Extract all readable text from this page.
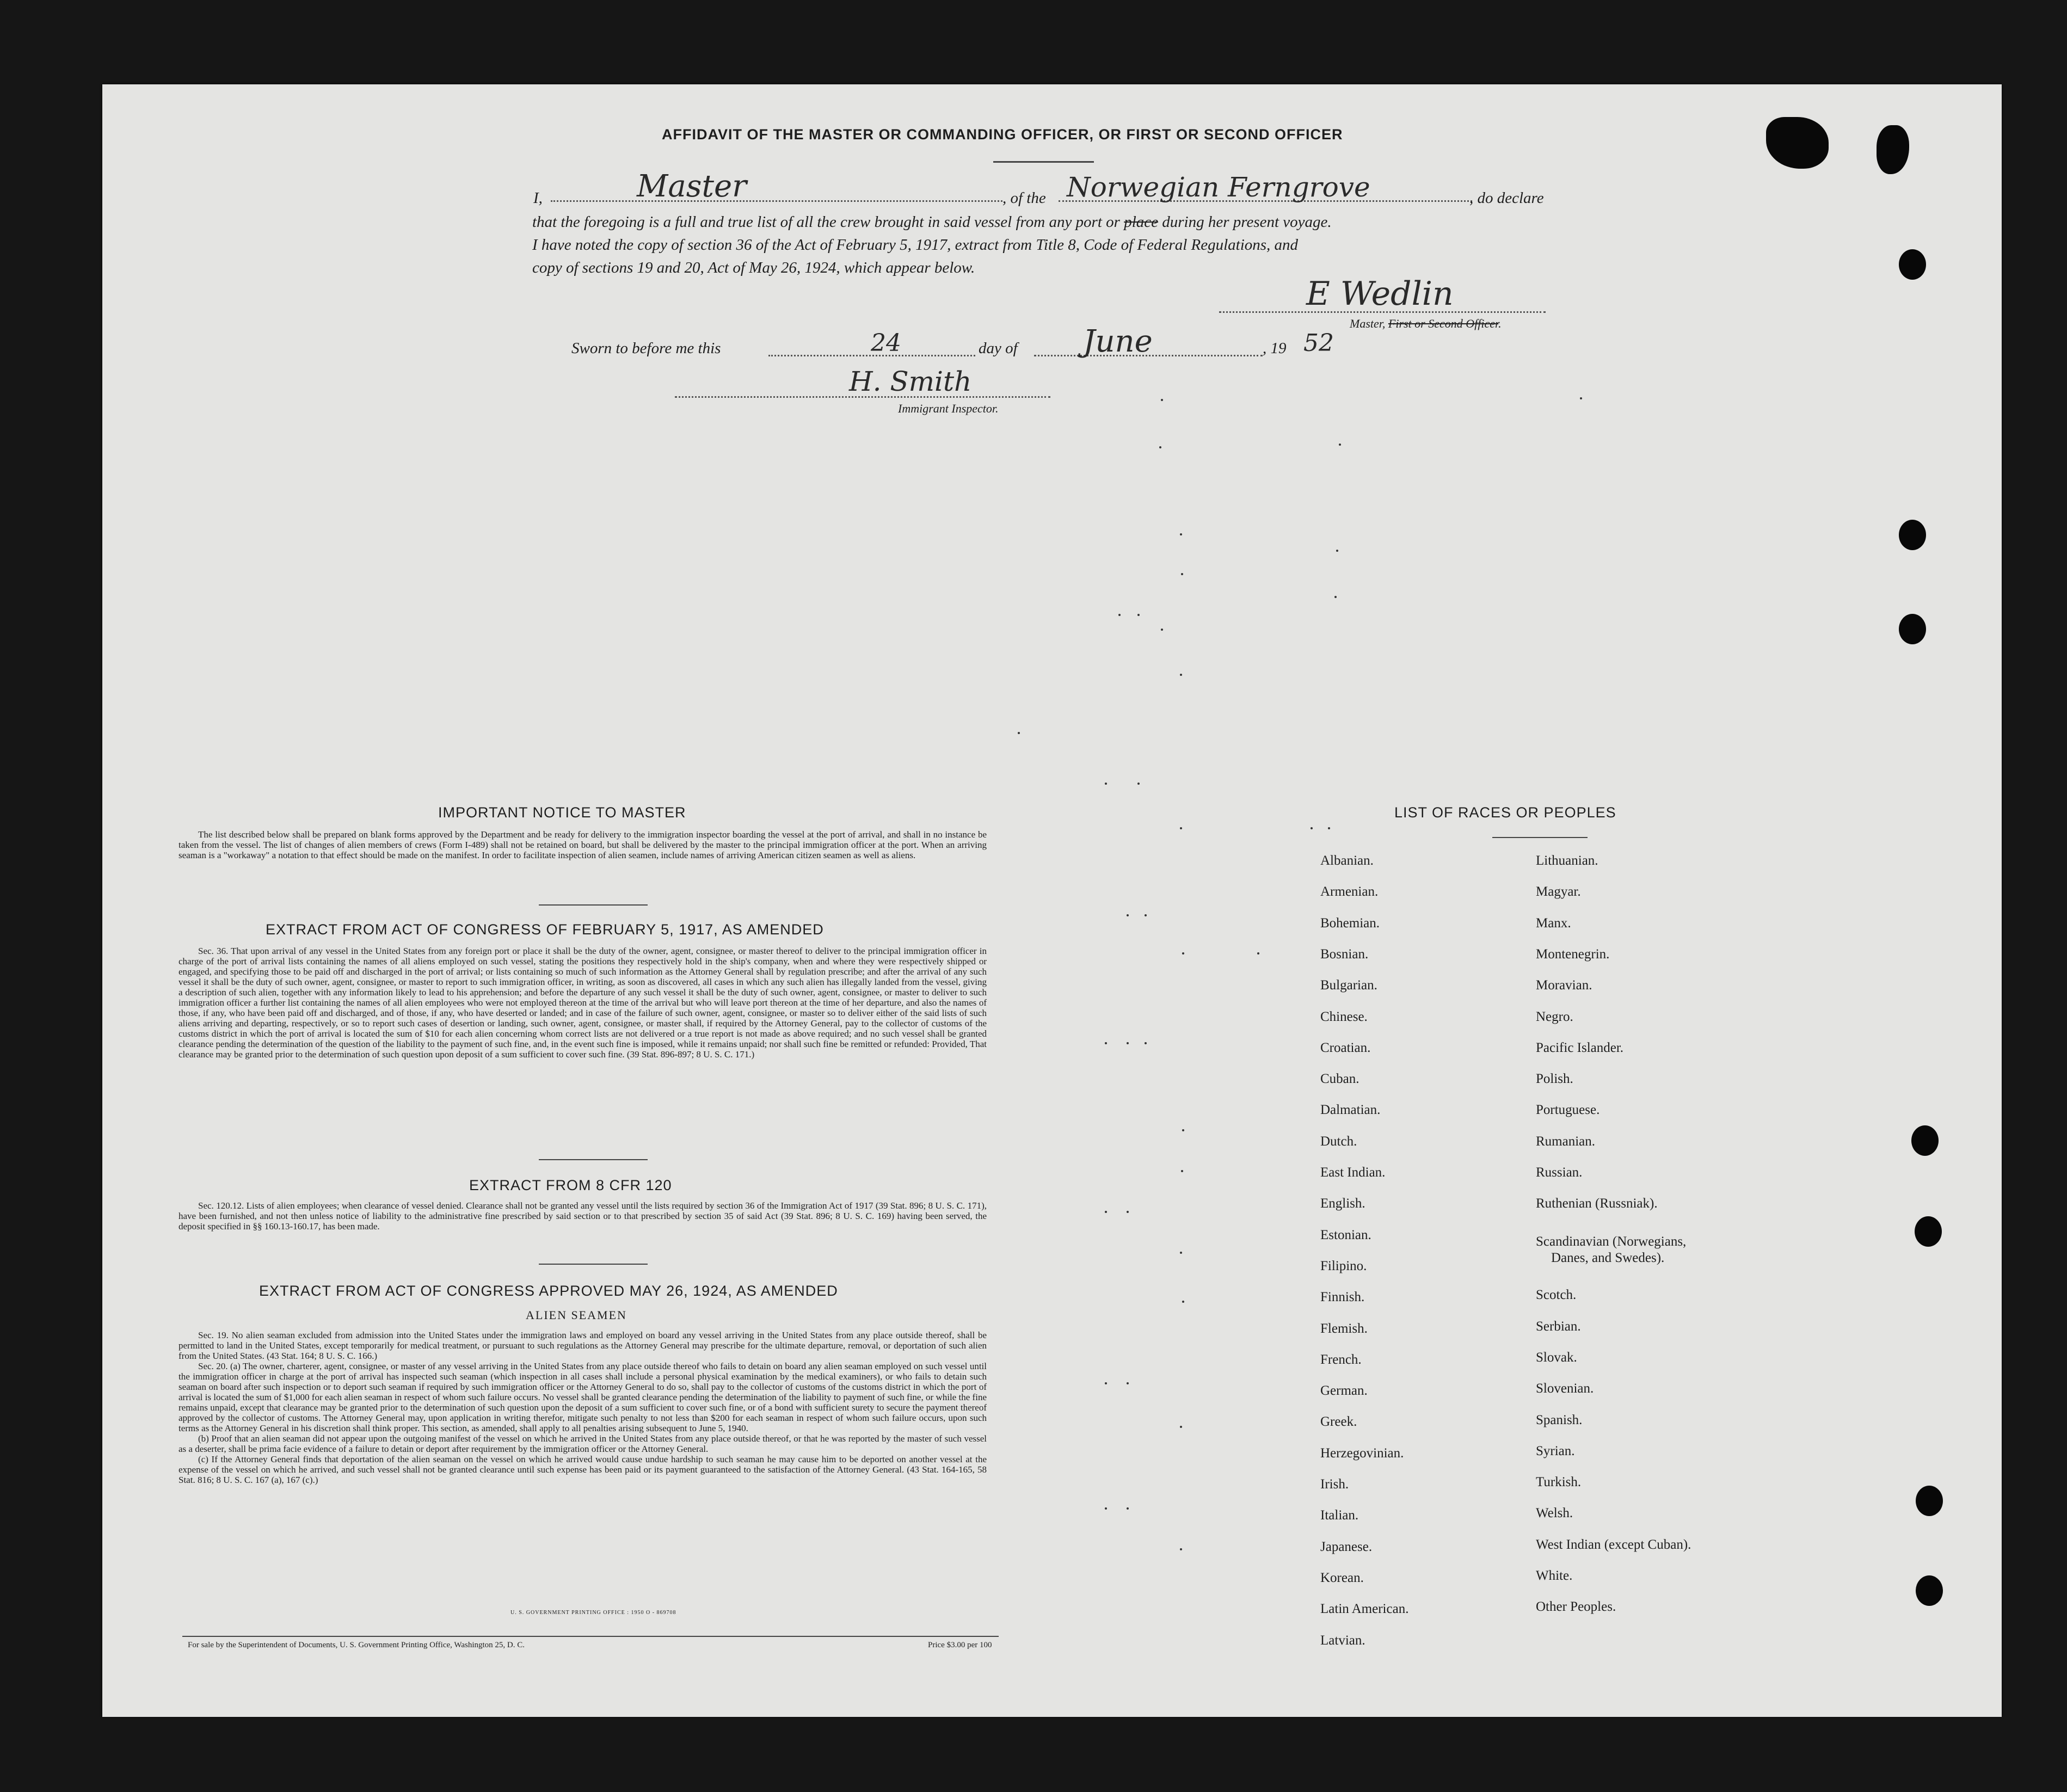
AFFIDAVIT OF THE MASTER OR COMMANDING OFFICER, OR FIRST OR SECOND OFFICER
I,	Master	, of the Norwegian Ferngrove	, do declare
that the foregoing is a full and true list of all the crew brought in said vessel from any port or place during her present voyage.
I have noted the copy of section 36 of the Act of February 5, 1917, extract from Title 8, Code of Federal Regulations, and
copy of sections 19 and 20, Act of May 26, 1924, which appear below.
E Wedlin
Master, First or Second Officer.
Sworn to before me this	24	day of June	, 19 52
H. Smith
Immigrant Inspector.
IMPORTANT NOTICE TO MASTER
The list described below shall be prepared on blank forms approved by the Department and be ready for delivery to the immigration inspector boarding the vessel at the port of arrival, and shall in no instance be taken from the vessel. The list of changes of alien members of crews (Form I-489) shall not be retained on board, but shall be delivered by the master to the principal immigration officer at the port. When an arriving seaman is a "workaway" a notation to that effect should be made on the manifest. In order to facilitate inspection of alien seamen, include names of arriving American citizen seamen as well as aliens.
EXTRACT FROM ACT OF CONGRESS OF FEBRUARY 5, 1917, AS AMENDED
Sec. 36. That upon arrival of any vessel in the United States from any foreign port or place it shall be the duty of the owner, agent, consignee, or master thereof to deliver to the principal immigration officer in charge of the port of arrival lists containing the names of all aliens employed on such vessel, stating the positions they respectively hold in the ship's company, when and where they were respectively shipped or engaged, and specifying those to be paid off and discharged in the port of arrival; or lists containing so much of such information as the Attorney General shall by regulation prescribe; and after the arrival of any such vessel it shall be the duty of such owner, agent, consignee, or master to report to such immigration officer, in writing, as soon as discovered, all cases in which any such alien has illegally landed from the vessel, giving a description of such alien, together with any information likely to lead to his apprehension; and before the departure of any such vessel it shall be the duty of such owner, agent, consignee, or master to deliver to such immigration officer a further list containing the names of all alien employees who were not employed thereon at the time of the arrival but who will leave port thereon at the time of her departure, and also the names of those, if any, who have been paid off and discharged, and of those, if any, who have deserted or landed; and in case of the failure of such owner, agent, consignee, or master so to deliver either of the said lists of such aliens arriving and departing, respectively, or so to report such cases of desertion or landing, such owner, agent, consignee, or master shall, if required by the Attorney General, pay to the collector of customs of the customs district in which the port of arrival is located the sum of $10 for each alien concerning whom correct lists are not delivered or a true report is not made as above required; and no such vessel shall be granted clearance pending the determination of the question of the liability to the payment of such fine, and, in the event such fine is imposed, while it remains unpaid; nor shall such fine be remitted or refunded: Provided, That clearance may be granted prior to the determination of such question upon deposit of a sum sufficient to cover such fine. (39 Stat. 896-897; 8 U. S. C. 171.)
EXTRACT FROM 8 CFR 120
Sec. 120.12. Lists of alien employees; when clearance of vessel denied. Clearance shall not be granted any vessel until the lists required by section 36 of the Immigration Act of 1917 (39 Stat. 896; 8 U. S. C. 171), have been furnished, and not then unless notice of liability to the administrative fine prescribed by said section or to that prescribed by section 35 of said Act (39 Stat. 896; 8 U. S. C. 169) having been served, the deposit specified in §§ 160.13-160.17, has been made.
EXTRACT FROM ACT OF CONGRESS APPROVED MAY 26, 1924, AS AMENDED
ALIEN SEAMEN
Sec. 19. No alien seaman excluded from admission into the United States under the immigration laws and employed on board any vessel arriving in the United States from any place outside thereof, shall be permitted to land in the United States, except temporarily for medical treatment, or pursuant to such regulations as the Attorney General may prescribe for the ultimate departure, removal, or deportation of such alien from the United States. (43 Stat. 164; 8 U. S. C. 166.)
Sec. 20. (a) The owner, charterer, agent, consignee, or master of any vessel arriving in the United States from any place outside thereof who fails to detain on board any alien seaman employed on such vessel until the immigration officer in charge at the port of arrival has inspected such seaman (which inspection in all cases shall include a personal physical examination by the medical examiners), or who fails to detain such seaman on board after such inspection or to deport such seaman if required by such immigration officer or the Attorney General to do so, shall pay to the collector of customs of the customs district in which the port of arrival is located the sum of $1,000 for each alien seaman in respect of whom such failure occurs. No vessel shall be granted clearance pending the determination of the liability to payment of such fine, or while the fine remains unpaid, except that clearance may be granted prior to the determination of such question upon the deposit of a sum sufficient to cover such fine, or of a bond with sufficient surety to secure the payment thereof approved by the collector of customs. The Attorney General may, upon application in writing therefor, mitigate such penalty to not less than $200 for each seaman in respect of whom such failure occurs, upon such terms as the Attorney General in his discretion shall think proper. This section, as amended, shall apply to all penalties arising subsequent to June 5, 1940.
(b) Proof that an alien seaman did not appear upon the outgoing manifest of the vessel on which he arrived in the United States from any place outside thereof, or that he was reported by the master of such vessel as a deserter, shall be prima facie evidence of a failure to detain or deport after requirement by the immigration officer or the Attorney General.
(c) If the Attorney General finds that deportation of the alien seaman on the vessel on which he arrived would cause undue hardship to such seaman he may cause him to be deported on another vessel at the expense of the vessel on which he arrived, and such vessel shall not be granted clearance until such expense has been paid or its payment guaranteed to the satisfaction of the Attorney General. (43 Stat. 164-165, 58 Stat. 816; 8 U. S. C. 167 (a), 167 (c).)
U. S. GOVERNMENT PRINTING OFFICE : 1950 O - 869708
For sale by the Superintendent of Documents, U. S. Government Printing Office, Washington 25, D. C.	Price $3.00 per 100
LIST OF RACES OR PEOPLES
Albanian.
Armenian.
Bohemian.
Bosnian.
Bulgarian.
Chinese.
Croatian.
Cuban.
Dalmatian.
Dutch.
East Indian.
English.
Estonian.
Filipino.
Finnish.
Flemish.
French.
German.
Greek.
Herzegovinian.
Irish.
Italian.
Japanese.
Korean.
Latin American.
Latvian.
Lithuanian.
Magyar.
Manx.
Montenegrin.
Moravian.
Negro.
Pacific Islander.
Polish.
Portuguese.
Rumanian.
Russian.
Ruthenian (Russniak).
Scandinavian (Norwegians,
Danes, and Swedes).
Scotch.
Serbian.
Slovak.
Slovenian.
Spanish.
Syrian.
Turkish.
Welsh.
West Indian (except Cuban).
White.
Other Peoples.
